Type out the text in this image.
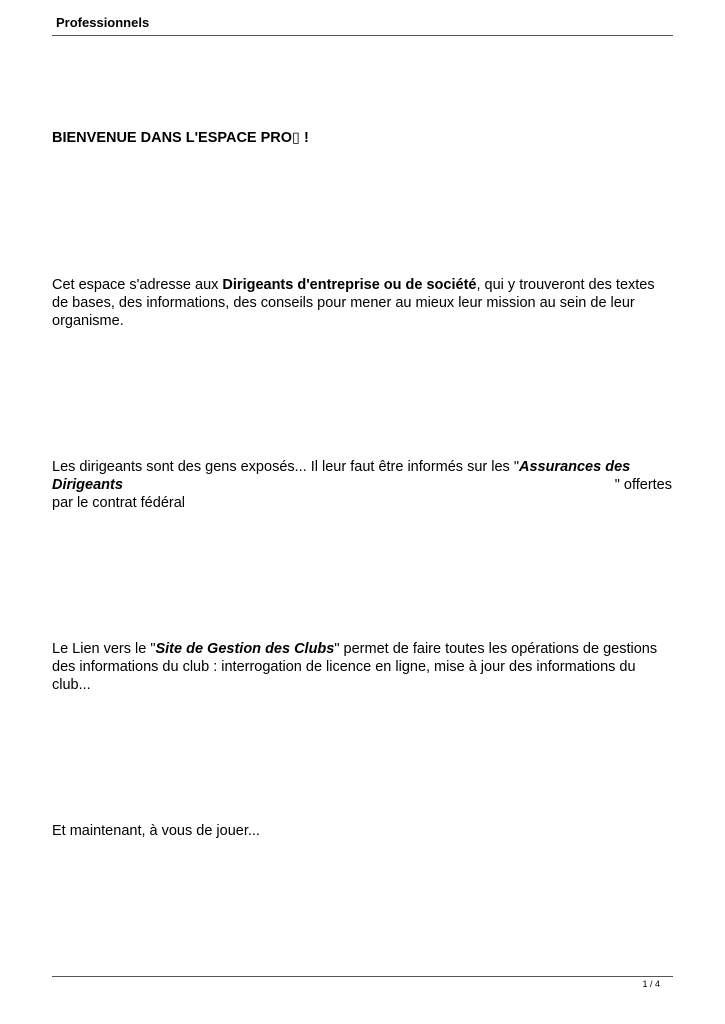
Professionnels
BIENVENUE DANS L'ESPACE PRO▯ !
Cet espace s'adresse aux Dirigeants d'entreprise ou de société, qui y trouveront des textes de bases, des informations, des conseils pour mener au mieux leur mission au sein de leur organisme.
Les dirigeants sont des gens exposés... Il leur faut être informés sur les "Assurances des
Dirigeants	" offertes
par le contrat fédéral
Le Lien vers le "Site de Gestion des Clubs" permet de faire toutes les opérations de gestions des informations du club : interrogation de licence en ligne, mise à jour des informations du club...
Et maintenant, à vous de jouer...
1 / 4
